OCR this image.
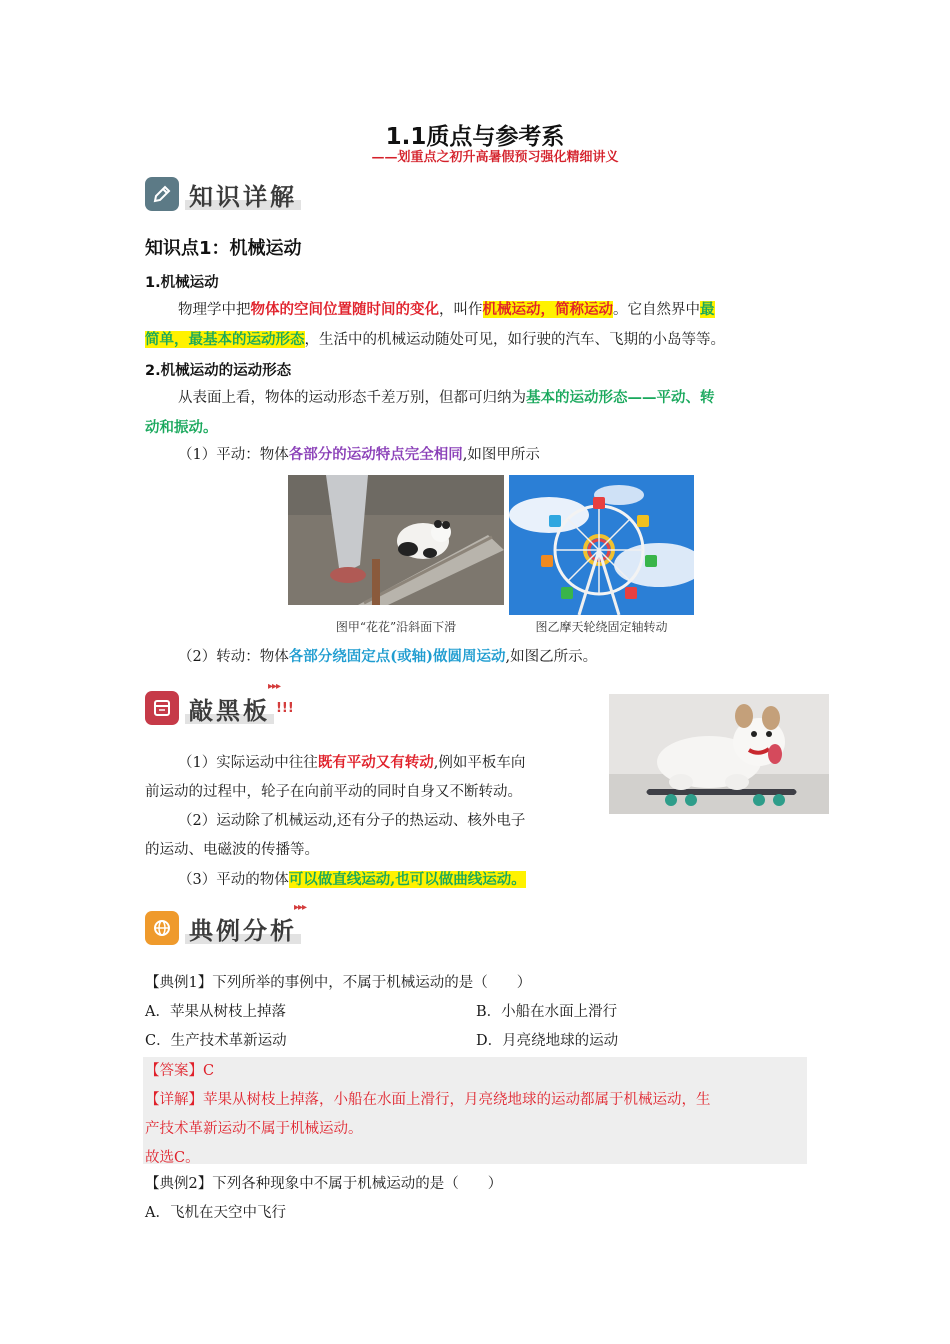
1.1质点与参考系
——划重点之初升高暑假预习强化精细讲义
知识详解
知识点1：机械运动
1.机械运动
物理学中把物体的空间位置随时间的变化，叫作机械运动，简称运动。它自然界中最
简单，最基本的运动形态，生活中的机械运动随处可见，如行驶的汽车、飞期的小岛等等。
2.机械运动的运动形态
从表面上看，物体的运动形态千差万别，但都可归纳为基本的运动形态——平动、转
动和振动。
（1）平动：物体各部分的运动特点完全相同,如图甲所示
图甲“花花”沿斜面下滑	图乙摩天轮绕固定轴转动
（2）转动：物体各部分绕固定点(或轴)做圆周运动,如图乙所示。
敲黑板 !!!
▸▸▸
（1）实际运动中往往既有平动又有转动,例如平板车向
前运动的过程中，轮子在向前平动的同时自身又不断转动。
（2）运动除了机械运动,还有分子的热运动、核外电子
的运动、电磁波的传播等。
（3）平动的物体可以做直线运动,也可以做曲线运动。
典例分析
▸▸▸
【典例1】下列所举的事例中，不属于机械运动的是（　　）
A．苹果从树枝上掉落	B．小船在水面上滑行
C．生产技术革新运动	D．月亮绕地球的运动
【答案】C
【详解】苹果从树枝上掉落，小船在水面上滑行，月亮绕地球的运动都属于机械运动，生
产技术革新运动不属于机械运动。
故选C。
【典例2】下列各种现象中不属于机械运动的是（　　）
A．飞机在天空中飞行
